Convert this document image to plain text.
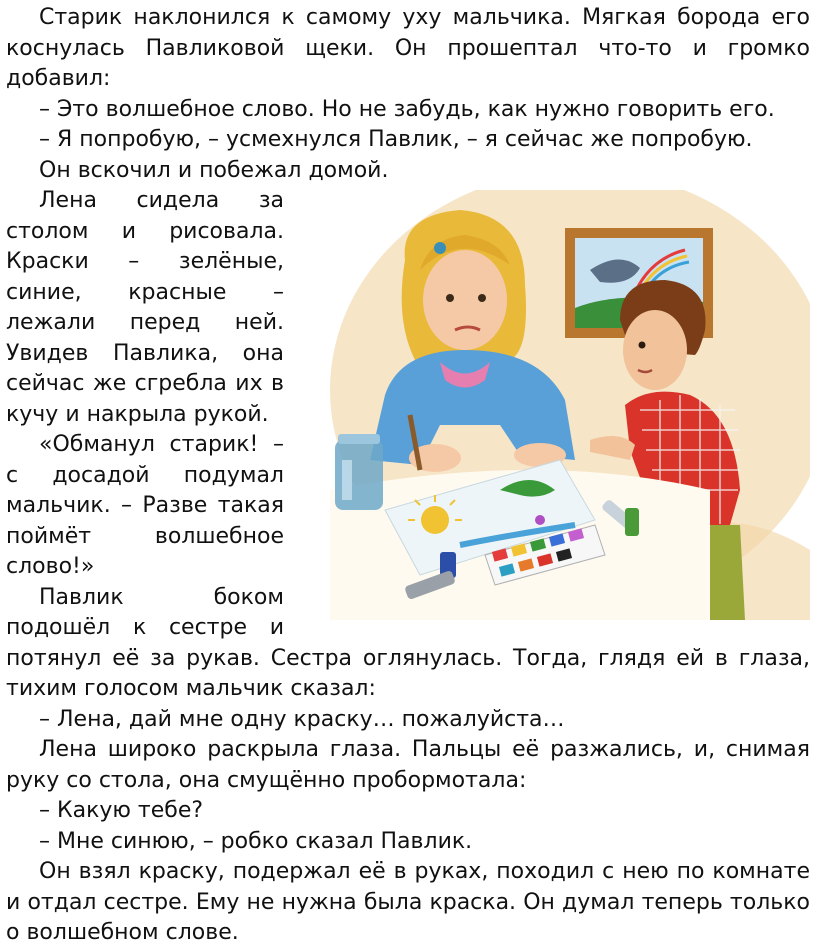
Старик наклонился к самому уху мальчика. Мягкая борода его коснулась Павликовой щеки. Он прошептал что-то и громко добавил:

– Это волшебное слово. Но не забудь, как нужно говорить его.

– Я попробую, – усмехнулся Павлик, – я сейчас же попробую.

Он вскочил и побежал домой.

Лена сидела за столом и рисовала. Краски – зелёные, синие, красные – лежали перед ней. Увидев Павлика, она сейчас же сгребла их в кучу и накрыла рукой.

«Обманул старик! – с досадой подумал мальчик. – Разве такая поймёт волшебное слово!»

Павлик боком подошёл к сестре и потянул её за рукав. Сестра оглянулась. Тогда, глядя ей в глаза, тихим голосом мальчик сказал:

– Лена, дай мне одну краску… пожалуйста…

Лена широко раскрыла глаза. Пальцы её разжались, и, снимая руку со стола, она смущённо пробормотала:

– Какую тебе?

– Мне синюю, – робко сказал Павлик.

Он взял краску, подержал её в руках, походил с нею по комнате и отдал сестре. Ему не нужна была краска. Он думал теперь только о волшебном слове.
